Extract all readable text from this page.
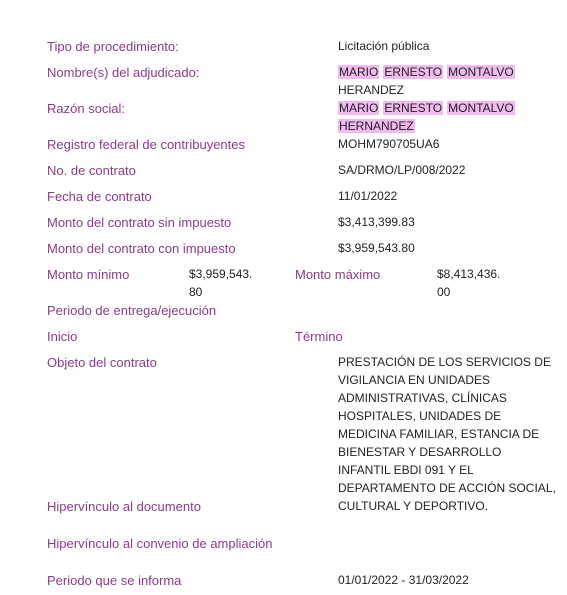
Tipo de procedimiento:	Licitación pública
Nombre(s) del adjudicado:	MARIO ERNESTO MONTALVO
HERANDEZ
Razón social:	MARIO ERNESTO MONTALVO
HERNANDEZ
Registro federal de contribuyentes	MOHM790705UA6
No. de contrato	SA/DRMO/LP/008/2022
Fecha de contrato	11/01/2022
Monto del contrato sin impuesto	$3,413,399.83
Monto del contrato con impuesto	$3,959,543.80
Monto mínimo	$3,959,543.80
Monto máximo	$8,413,436.00
Periodo de entrega/ejecución
Inicio	Término
Objeto del contrato	PRESTACIÓN DE LOS SERVICIOS DE VIGILANCIA EN UNIDADES ADMINISTRATIVAS, CLÍNICAS HOSPITALES, UNIDADES DE MEDICINA FAMILIAR, ESTANCIA DE BIENESTAR Y DESARROLLO INFANTIL EBDI 091 Y EL DEPARTAMENTO DE ACCIÓN SOCIAL, CULTURAL Y DEPORTIVO.
Hipervínculo al documento
Hipervínculo al convenio de ampliación
Periodo que se informa	01/01/2022 - 31/03/2022
